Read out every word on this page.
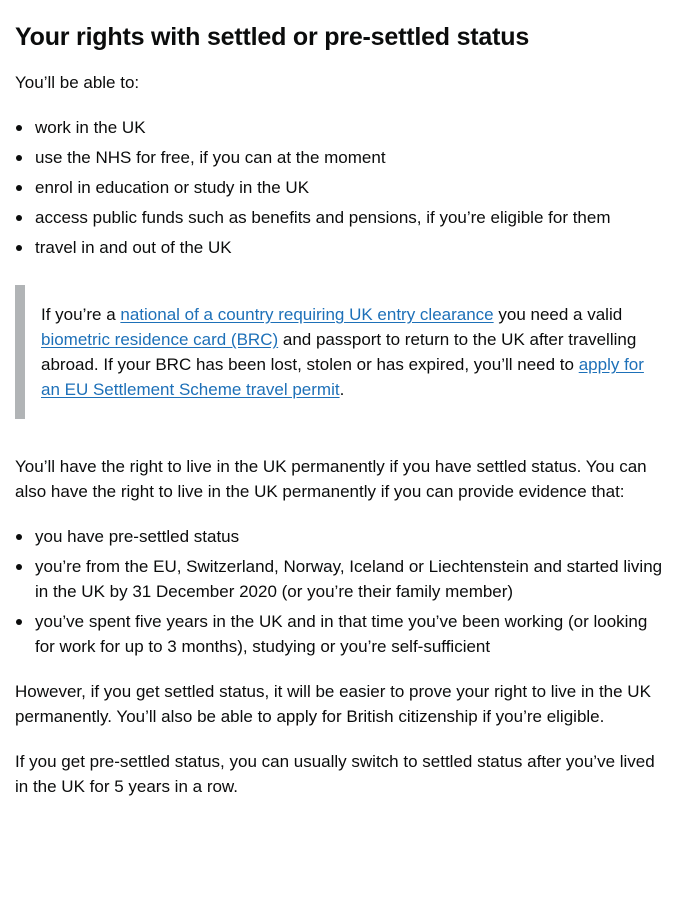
Your rights with settled or pre-settled status

You’ll be able to:

work in the UK
use the NHS for free, if you can at the moment
enrol in education or study in the UK
access public funds such as benefits and pensions, if you’re eligible for them
travel in and out of the UK

If you’re a national of a country requiring UK entry clearance you need a valid biometric residence card (BRC) and passport to return to the UK after travelling abroad. If your BRC has been lost, stolen or has expired, you’ll need to apply for an EU Settlement Scheme travel permit.

You’ll have the right to live in the UK permanently if you have settled status. You can also have the right to live in the UK permanently if you can provide evidence that:

you have pre-settled status
you’re from the EU, Switzerland, Norway, Iceland or Liechtenstein and started living in the UK by 31 December 2020 (or you’re their family member)
you’ve spent five years in the UK and in that time you’ve been working (or looking for work for up to 3 months), studying or you’re self-sufficient

However, if you get settled status, it will be easier to prove your right to live in the UK permanently. You’ll also be able to apply for British citizenship if you’re eligible.

If you get pre-settled status, you can usually switch to settled status after you’ve lived in the UK for 5 years in a row.
